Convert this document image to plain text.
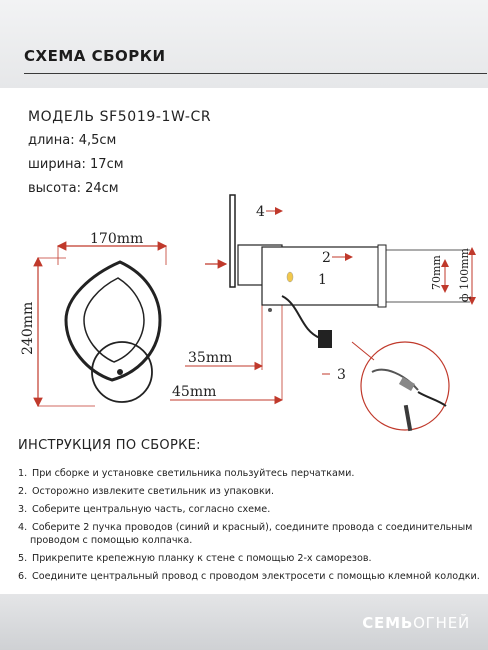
СХЕМА СБОРКИ
МОДЕЛЬ SF5019-1W-CR
длина: 4,5см
ширина: 17см
высота: 24см
170mm
240mm
35mm
45mm
70mm ф 100mm
4
2
1
3
ИНСТРУКЦИЯ ПО СБОРКЕ:
1. При сборке и установке светильника пользуйтесь перчатками.
2. Осторожно извлеките светильник из упаковки.
3. Соберите центральную часть, согласно схеме.
4. Соберите 2 пучка проводов (синий и красный), соедините провода с соединительным
проводом с помощью колпачка.
5. Прикрепите крепежную планку к стене с помощью 2-х саморезов.
6. Соедините центральный провод с проводом электросети с помощью клемной колодки.
СЕМЬОГНЕЙ
